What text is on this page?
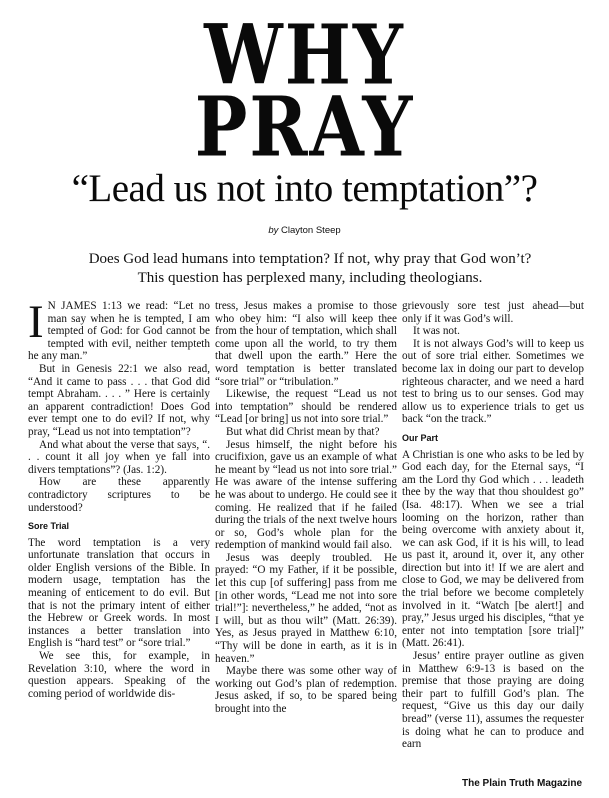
WHY
PRAY
“Lead us not into temptation”?
by Clayton Steep
Does God lead humans into temptation? If not, why pray that God won’t? This question has perplexed many, including theologians.

I N JAMES 1:13 we read: “Let no man say when he is tempted, I am tempted of God: for God cannot be tempted with evil, neither tempteth he any man.”

But in Genesis 22:1 we also read, “And it came to pass . . . that God did tempt Abraham. . . . ” Here is certainly an apparent contradiction! Does God ever tempt one to do evil? If not, why pray, “Lead us not into temptation”?

And what about the verse that says, “. . . count it all joy when ye fall into divers temptations”? (Jas. 1:2).

How are these apparently contradictory scriptures to be understood?

Sore Trial

The word temptation is a very unfortunate translation that occurs in older English versions of the Bible. In modern usage, temptation has the meaning of enticement to do evil. But that is not the primary intent of either the Hebrew or Greek words. In most instances a better translation into English is “hard test” or “sore trial.”

We see this, for example, in Revelation 3:10, where the word in question appears. Speaking of the coming period of worldwide dis-

tress, Jesus makes a promise to those who obey him: “I also will keep thee from the hour of temptation, which shall come upon all the world, to try them that dwell upon the earth.” Here the word temptation is better translated “sore trial” or “tribulation.”

Likewise, the request “Lead us not into temptation” should be rendered “Lead [or bring] us not into sore trial.”

But what did Christ mean by that?

Jesus himself, the night before his crucifixion, gave us an example of what he meant by “lead us not into sore trial.” He was aware of the intense suffering he was about to undergo. He could see it coming. He realized that if he failed during the trials of the next twelve hours or so, God’s whole plan for the redemption of mankind would fail also.

Jesus was deeply troubled. He prayed: “O my Father, if it be possible, let this cup [of suffering] pass from me [in other words, “Lead me not into sore trial!”]: nevertheless,” he added, “not as I will, but as thou wilt” (Matt. 26:39). Yes, as Jesus prayed in Matthew 6:10, “Thy will be done in earth, as it is in heaven.”

Maybe there was some other way of working out God’s plan of redemption. Jesus asked, if so, to be spared being brought into the

grievously sore test just ahead—but only if it was God’s will.

It was not.

It is not always God’s will to keep us out of sore trial either. Sometimes we become lax in doing our part to develop righteous character, and we need a hard test to bring us to our senses. God may allow us to experience trials to get us back “on the track.”

Our Part

A Christian is one who asks to be led by God each day, for the Eternal says, “I am the Lord thy God which . . . leadeth thee by the way that thou shouldest go” (Isa. 48:17). When we see a trial looming on the horizon, rather than being overcome with anxiety about it, we can ask God, if it is his will, to lead us past it, around it, over it, any other direction but into it! If we are alert and close to God, we may be delivered from the trial before we become completely involved in it. “Watch [be alert!] and pray,” Jesus urged his disciples, “that ye enter not into temptation [sore trial]” (Matt. 26:41).

Jesus’ entire prayer outline as given in Matthew 6:9-13 is based on the premise that those praying are doing their part to fulfill God’s plan. The request, “Give us this day our daily bread” (verse 11), assumes the requester is doing what he can to produce and earn

The Plain Truth Magazine
